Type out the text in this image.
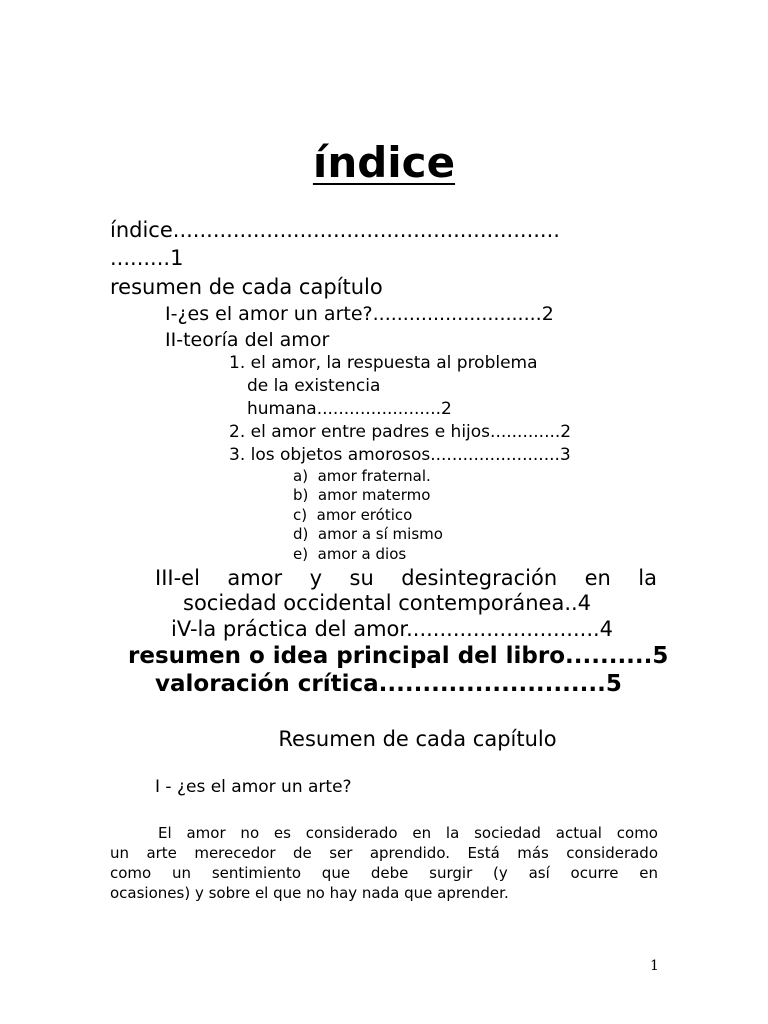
índice
índice..........................................................
.........1
resumen de cada capítulo
I-¿es el amor un arte?............................2
II-teoría del amor
1. el amor, la respuesta al problema
de la existencia
humana.......................2
2. el amor entre padres e hijos.............2
3. los objetos amorosos........................3
a) amor fraternal.
b) amor matermo
c) amor erótico
d) amor a sí mismo
e) amor a dios
III-el amor y su desintegración en la
sociedad occidental contemporánea..4
iV-la práctica del amor.............................4
resumen o idea principal del libro..........5
valoración crítica..........................5
Resumen de cada capítulo
I - ¿es el amor un arte?
El amor no es considerado en la sociedad actual como
un arte merecedor de ser aprendido. Está más considerado
como un sentimiento que debe surgir (y así ocurre en
ocasiones) y sobre el que no hay nada que aprender.
1
